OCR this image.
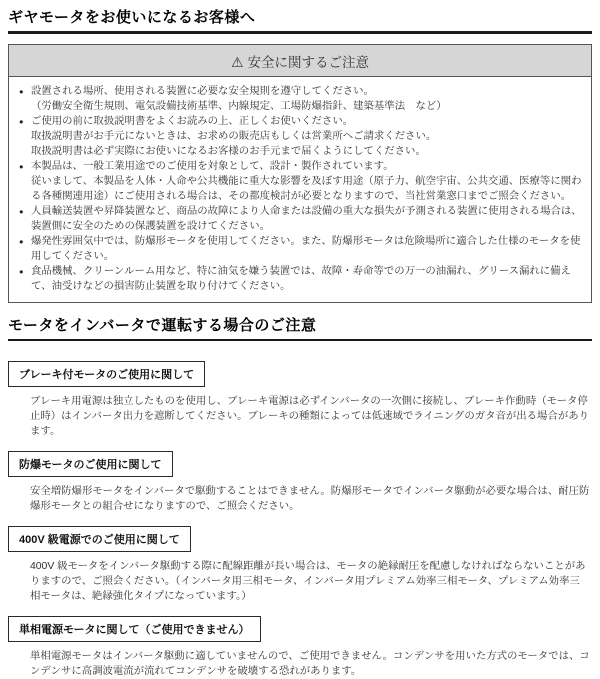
ギヤモータをお使いになるお客様へ
⚠ 安全に関するご注意
● 設置される場所、使用される装置に必要な安全規則を遵守してください。
（労働安全衛生規則、電気設備技術基準、内線規定、工場防爆指針、建築基準法　など）
● ご使用の前に取扱説明書をよくお読みの上、正しくお使いください。
取扱説明書がお手元にないときは、お求めの販売店もしくは営業所へご請求ください。
取扱説明書は必ず実際にお使いになるお客様のお手元まで届くようにしてください。
● 本製品は、一般工業用途でのご使用を対象として、設計・製作されています。
従いまして、本製品を人体・人命や公共機能に重大な影響を及ぼす用途（原子力、航空宇宙、公共交通、医療等に関わる各種関連用途）にご使用される場合は、その都度検討が必要となりますので、当社営業窓口までご照会ください。
● 人員輸送装置や昇降装置など、商品の故障により人命または設備の重大な損失が予測される装置に使用される場合は、装置側に安全のための保護装置を設けてください。
● 爆発性雰囲気中では、防爆形モータを使用してください。また、防爆形モータは危険場所に適合した仕様のモータを使用してください。
● 食品機械、クリーンルーム用など、特に油気を嫌う装置では、故障・寿命等での万一の油漏れ、グリース漏れに備えて、油受けなどの損害防止装置を取り付けてください。
モータをインバータで運転する場合のご注意
ブレーキ付モータのご使用に関して

ブレーキ用電源は独立したものを使用し、ブレーキ電源は必ずインバータの一次側に接続し、ブレーキ作動時（モータ停止時）はインバータ出力を遮断してください。ブレーキの種類によっては低速域でライニングのガタ音が出る場合があります。

防爆モータのご使用に関して

安全増防爆形モータをインバータで駆動することはできません。防爆形モータでインバータ駆動が必要な場合は、耐圧防爆形モータとの組合せになりますので、ご照会ください。

400V 級電源でのご使用に関して

400V 級モータをインバータ駆動する際に配線距離が長い場合は、モータの絶縁耐圧を配慮しなければならないことがありますので、ご照会ください。（インバータ用三相モータ、インバータ用プレミアム効率三相モータ、プレミアム効率三相モータは、絶縁強化タイプになっています。）

単相電源モータに関して（ご使用できません）

単相電源モータはインバータ駆動に適していませんので、ご使用できません。コンデンサを用いた方式のモータでは、コンデンサに高調波電流が流れてコンデンサを破壊する恐れがあります。
